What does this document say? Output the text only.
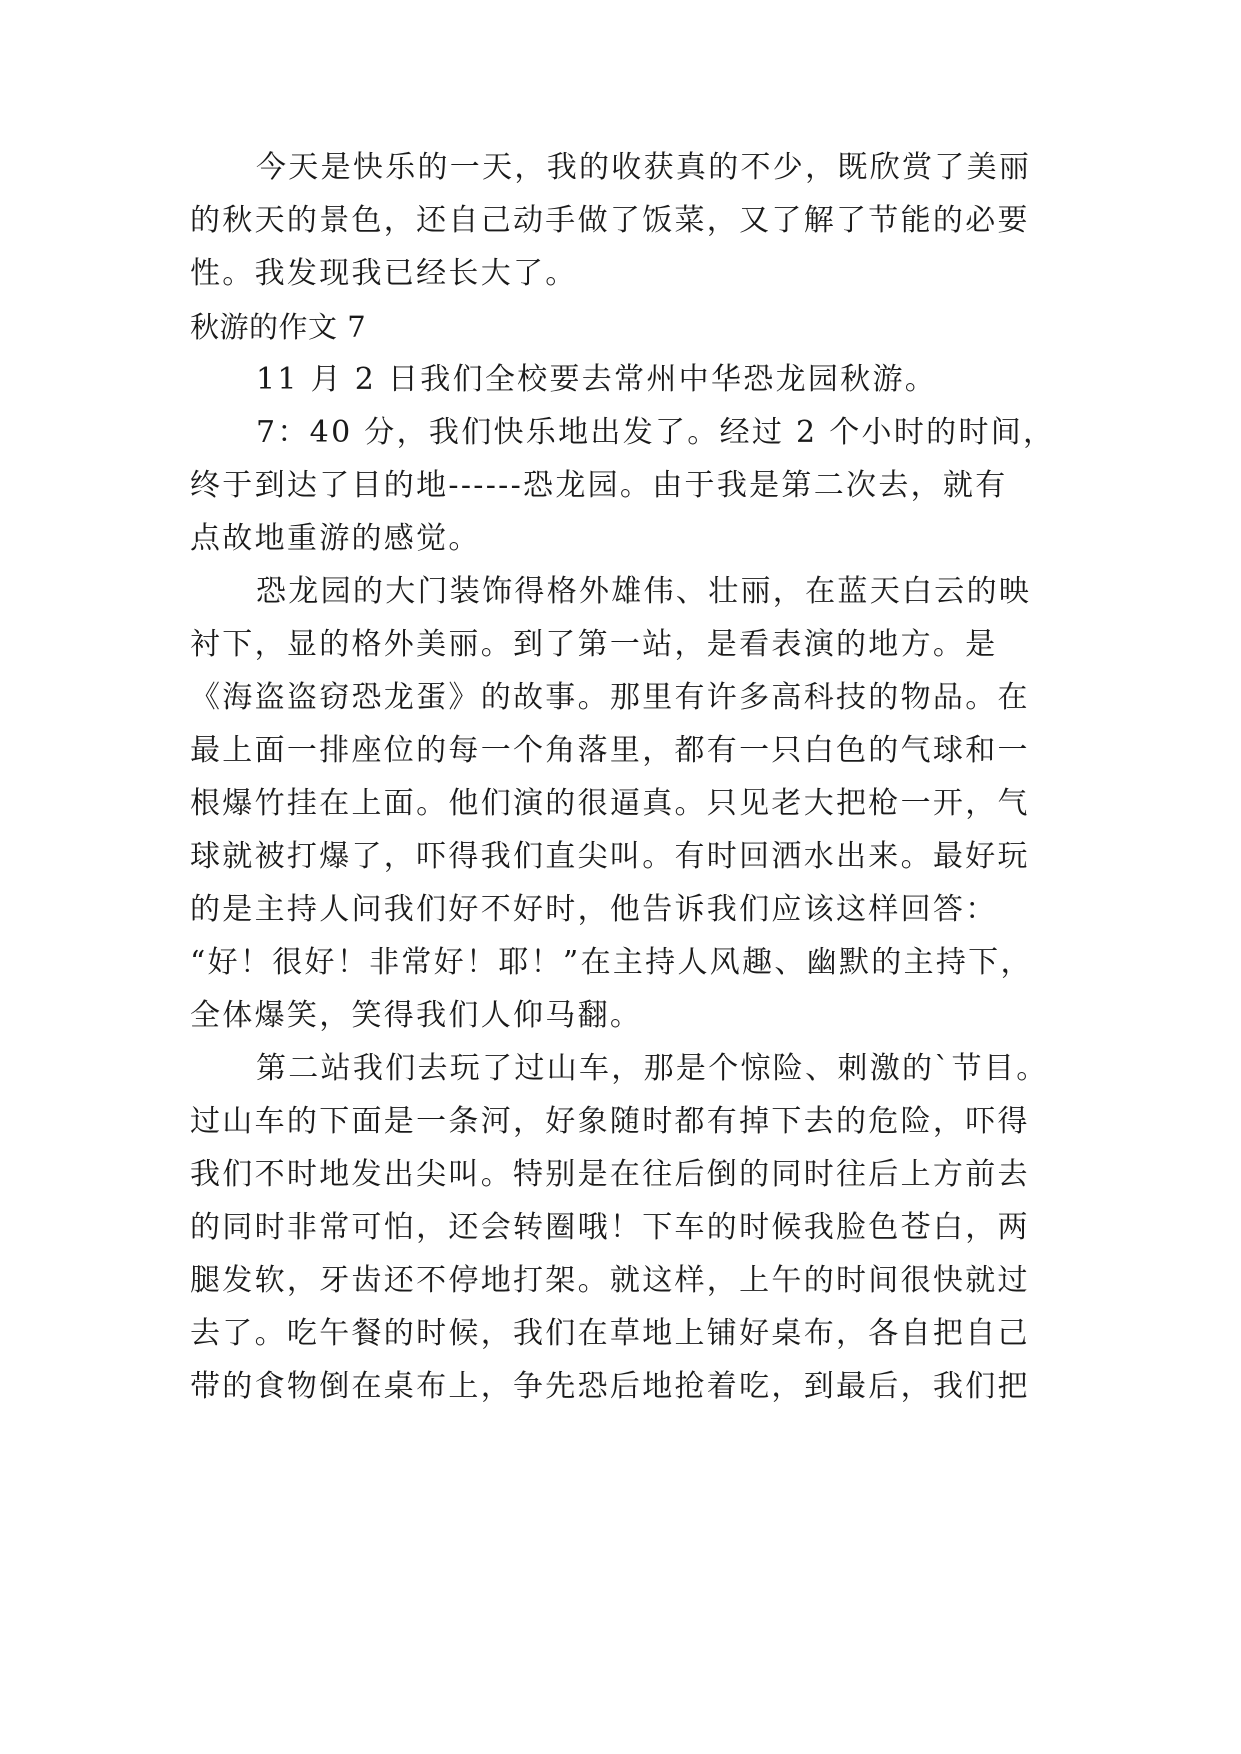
今天是快乐的一天，我的收获真的不少，既欣赏了美丽
的秋天的景色，还自己动手做了饭菜，又了解了节能的必要
性。我发现我已经长大了。
秋游的作文 7
11 月 2 日我们全校要去常州中华恐龙园秋游。
7：40 分，我们快乐地出发了。经过 2 个小时的时间，
终于到达了目的地------恐龙园。由于我是第二次去，就有
点故地重游的感觉。
恐龙园的大门装饰得格外雄伟、壮丽，在蓝天白云的映
衬下，显的格外美丽。到了第一站，是看表演的地方。是
《海盗盗窃恐龙蛋》的故事。那里有许多高科技的物品。在
最上面一排座位的每一个角落里，都有一只白色的气球和一
根爆竹挂在上面。他们演的很逼真。只见老大把枪一开，气
球就被打爆了，吓得我们直尖叫。有时回洒水出来。最好玩
的是主持人问我们好不好时，他告诉我们应该这样回答：
“好！很好！非常好！耶！”在主持人风趣、幽默的主持下，
全体爆笑，笑得我们人仰马翻。
第二站我们去玩了过山车，那是个惊险、刺激的`节目。
过山车的下面是一条河，好象随时都有掉下去的危险，吓得
我们不时地发出尖叫。特别是在往后倒的同时往后上方前去
的同时非常可怕，还会转圈哦！下车的时候我脸色苍白，两
腿发软，牙齿还不停地打架。就这样，上午的时间很快就过
去了。吃午餐的时候，我们在草地上铺好桌布，各自把自己
带的食物倒在桌布上，争先恐后地抢着吃，到最后，我们把
